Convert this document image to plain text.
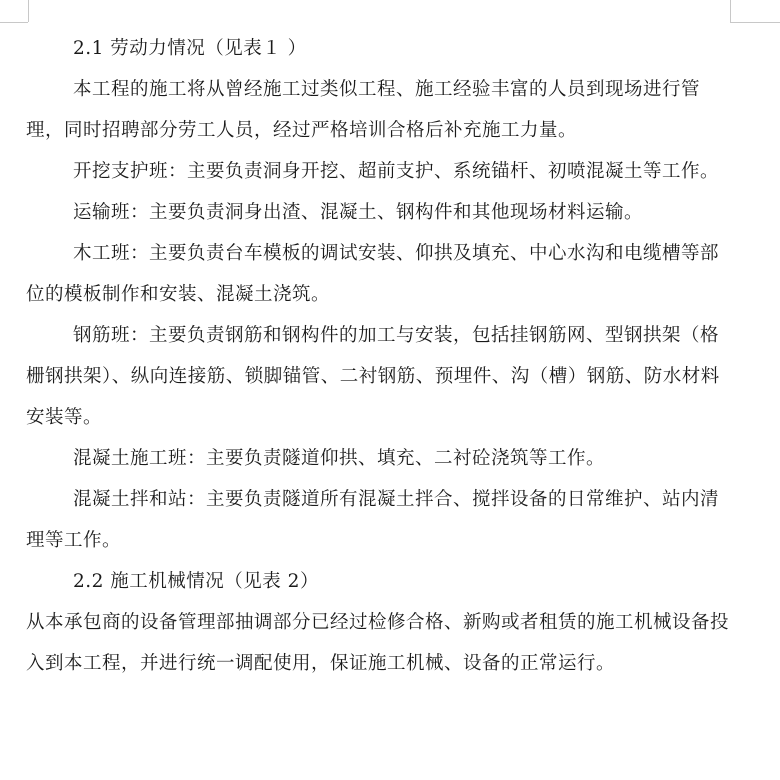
2.1 劳动力情况（见表１ ）

本工程的施工将从曾经施工过类似工程、施工经验丰富的人员到现场进行管理，同时招聘部分劳工人员，经过严格培训合格后补充施工力量。

开挖支护班：主要负责洞身开挖、超前支护、系统锚杆、初喷混凝土等工作。

运输班：主要负责洞身出渣、混凝土、钢构件和其他现场材料运输。

木工班：主要负责台车模板的调试安装、仰拱及填充、中心水沟和电缆槽等部位的模板制作和安装、混凝土浇筑。

钢筋班：主要负责钢筋和钢构件的加工与安装，包括挂钢筋网、型钢拱架（格栅钢拱架）、纵向连接筋、锁脚锚管、二衬钢筋、预埋件、沟（槽）钢筋、防水材料安装等。

混凝土施工班：主要负责隧道仰拱、填充、二衬砼浇筑等工作。

混凝土拌和站：主要负责隧道所有混凝土拌合、搅拌设备的日常维护、站内清理等工作。

2.2 施工机械情况（见表 2）

从本承包商的设备管理部抽调部分已经过检修合格、新购或者租赁的施工机械设备投入到本工程，并进行统一调配使用，保证施工机械、设备的正常运行。
